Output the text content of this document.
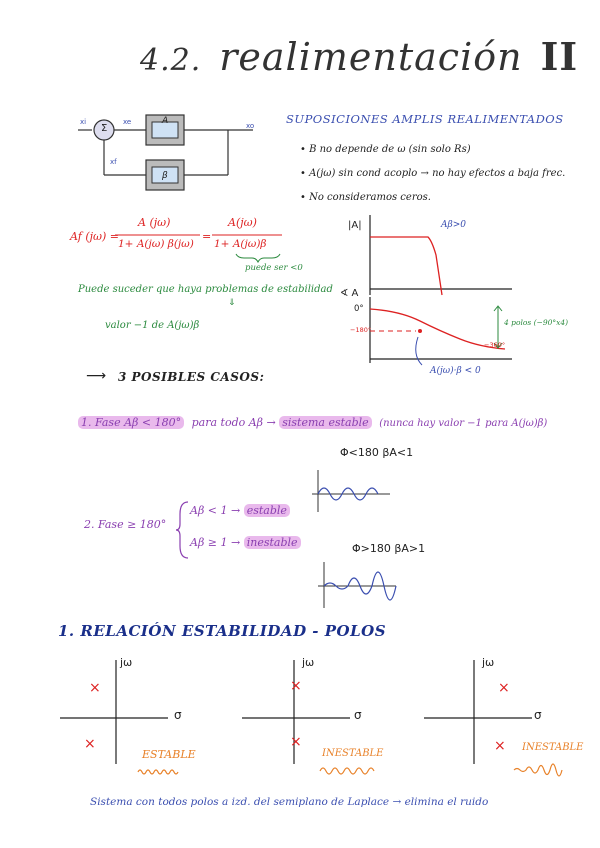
4.2. realimentación II
Σ
A
β
xi	xe	xo
xf
SUPOSICIONES AMPLIS REALIMENTADOS
• B no depende de ω (sin solo Rs)
• A(jω) sin cond acoplo → no hay efectos a baja frec.
• No consideramos ceros.
Af (jω) =
A (jω)
1+ A(jω) β(jω)
=
A(jω)
1+ A(jω)β
puede ser <0
Puede suceder que haya problemas de estabilidad
⇓
valor −1 de A(jω)β
|A|	Aβ>0
∢ A
0°
−180°
−360°
4 polos (−90°x4)
A(jω)·β < 0
⟶ 3 POSIBLES CASOS:
1. Fase Aβ < 180° para todo Aβ → sistema estable (nunca hay valor −1 para A(jω)β)
Φ<180 βA<1
2. Fase ≥ 180°
Aβ < 1 → estable
Aβ ≥ 1 → inestable	Φ>180 βA>1
1. RELACIÓN ESTABILIDAD - POLOS
jω
σ
×
×
ESTABLE
jω
σ
×
×
INESTABLE
jω
σ
×
× INESTABLE
Sistema con todos polos a izd. del semiplano de Laplace → elimina el ruido
